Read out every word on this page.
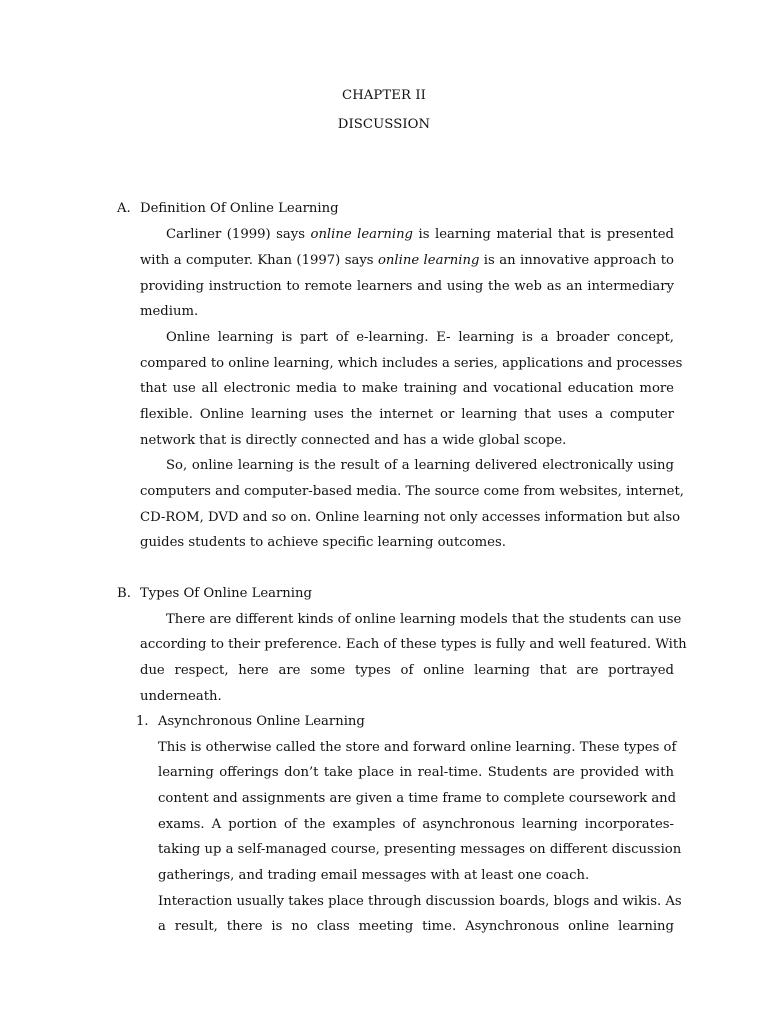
CHAPTER II
DISCUSSION
A. Definition Of Online Learning
Carliner (1999) says online learning is learning material that is presented
with a computer. Khan (1997) says online learning is an innovative approach to
providing instruction to remote learners and using the web as an intermediary
medium.
Online learning is part of e-learning. E- learning is a broader concept,
compared to online learning, which includes a series, applications and processes
that use all electronic media to make training and vocational education more
flexible. Online learning uses the internet or learning that uses a computer
network that is directly connected and has a wide global scope.
So, online learning is the result of a learning delivered electronically using
computers and computer-based media. The source come from websites, internet,
CD-ROM, DVD and so on. Online learning not only accesses information but also
guides students to achieve specific learning outcomes.
B. Types Of Online Learning
There are different kinds of online learning models that the students can use
according to their preference. Each of these types is fully and well featured. With
due respect, here are some types of online learning that are portrayed
underneath.
1. Asynchronous Online Learning
This is otherwise called the store and forward online learning. These types of
learning offerings don’t take place in real-time. Students are provided with
content and assignments are given a time frame to complete coursework and
exams. A portion of the examples of asynchronous learning incorporates-
taking up a self-managed course, presenting messages on different discussion
gatherings, and trading email messages with at least one coach.
Interaction usually takes place through discussion boards, blogs and wikis. As
a result, there is no class meeting time. Asynchronous online learning
